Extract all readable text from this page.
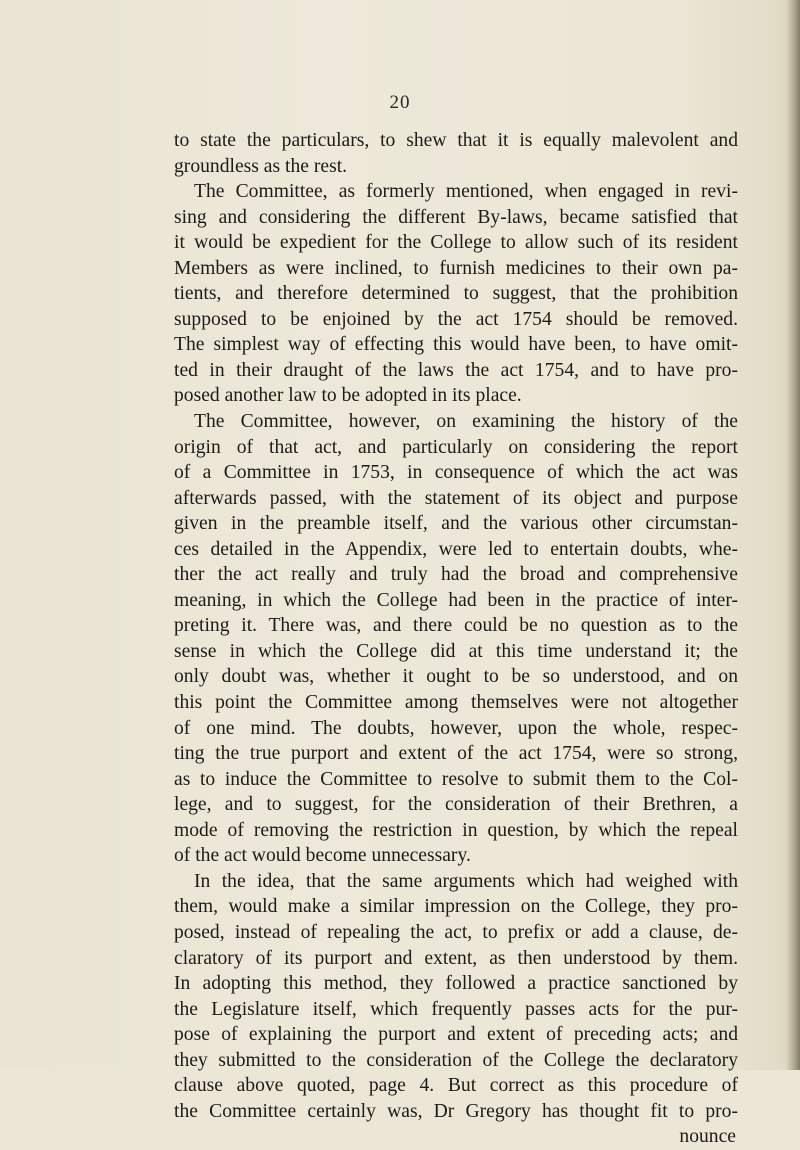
20
to state the particulars, to shew that it is equally malevolent and
groundless as the rest.
The Committee, as formerly mentioned, when engaged in revi-
sing and considering the different By-laws, became satisfied that
it would be expedient for the College to allow such of its resident
Members as were inclined, to furnish medicines to their own pa-
tients, and therefore determined to suggest, that the prohibition
supposed to be enjoined by the act 1754 should be removed.
The simplest way of effecting this would have been, to have omit-
ted in their draught of the laws the act 1754, and to have pro-
posed another law to be adopted in its place.
The Committee, however, on examining the history of the
origin of that act, and particularly on considering the report
of a Committee in 1753, in consequence of which the act was
afterwards passed, with the statement of its object and purpose
given in the preamble itself, and the various other circumstan-
ces detailed in the Appendix, were led to entertain doubts, whe-
ther the act really and truly had the broad and comprehensive
meaning, in which the College had been in the practice of inter-
preting it. There was, and there could be no question as to the
sense in which the College did at this time understand it; the
only doubt was, whether it ought to be so understood, and on
this point the Committee among themselves were not altogether
of one mind. The doubts, however, upon the whole, respec-
ting the true purport and extent of the act 1754, were so strong,
as to induce the Committee to resolve to submit them to the Col-
lege, and to suggest, for the consideration of their Brethren, a
mode of removing the restriction in question, by which the repeal
of the act would become unnecessary.
In the idea, that the same arguments which had weighed with
them, would make a similar impression on the College, they pro-
posed, instead of repealing the act, to prefix or add a clause, de-
claratory of its purport and extent, as then understood by them.
In adopting this method, they followed a practice sanctioned by
the Legislature itself, which frequently passes acts for the pur-
pose of explaining the purport and extent of preceding acts; and
they submitted to the consideration of the College the declaratory
clause above quoted, page 4. But correct as this procedure of
the Committee certainly was, Dr Gregory has thought fit to pro-
nounce
